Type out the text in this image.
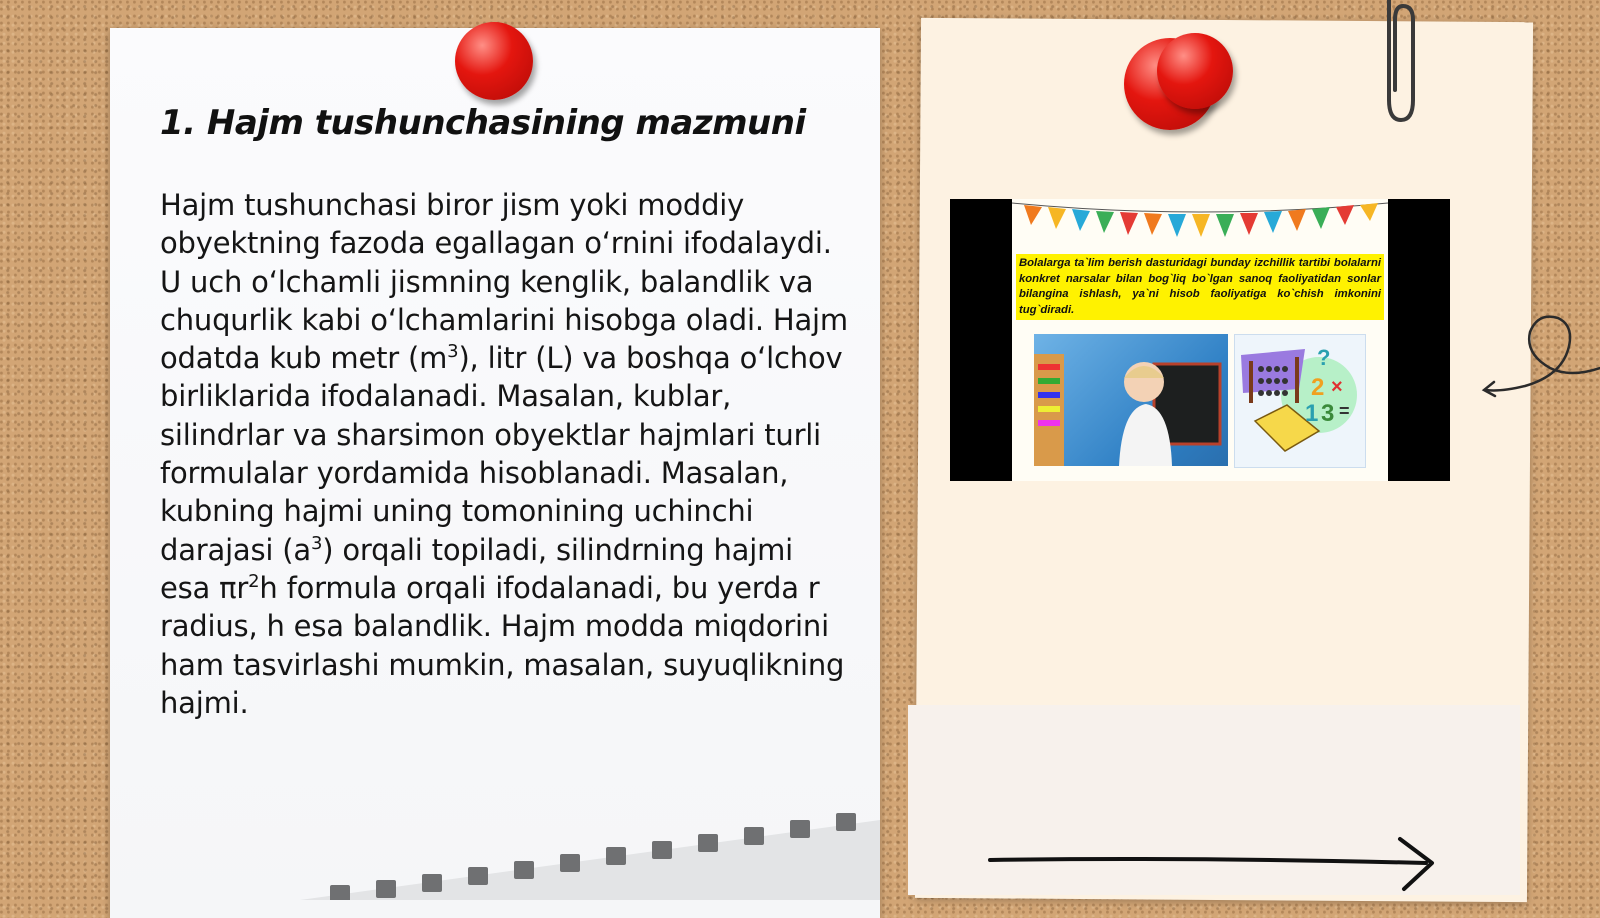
1. Hajm tushunchasining mazmuni
Hajm tushunchasi biror jism yoki moddiy obyektning fazoda egallagan oʻrnini ifodalaydi. U uch oʻlchamli jismning kenglik, balandlik va chuqurlik kabi oʻlchamlarini hisobga oladi. Hajm odatda kub metr $(m^3)$, litr (L) va boshqa oʻlchov birliklarida ifodalanadi. Masalan, kublar, silindrlar va sharsimon obyektlar hajmlari turli formulalar yordamida hisoblanadi. Masalan, kubning hajmi uning tomonining uchinchi darajasi $(a^3)$ orqali topiladi, silindrning hajmi esa $\pi r^2h$ formula orqali ifodalanadi, bu yerda r radius, h esa balandlik. Hajm modda miqdorini ham tasvirlashi mumkin, masalan, suyuqlikning hajmi.
Bolalarga ta`lim berish dasturidagi bunday izchillik tartibi bolalarni konkret narsalar bilan bog`liq bo`lgan sanoq faoliyatidan sonlar bilangina ishlash, ya`ni hisob faoliyatiga ko`chish imkonini tug`diradi.
?
2 ×
1 3 =
